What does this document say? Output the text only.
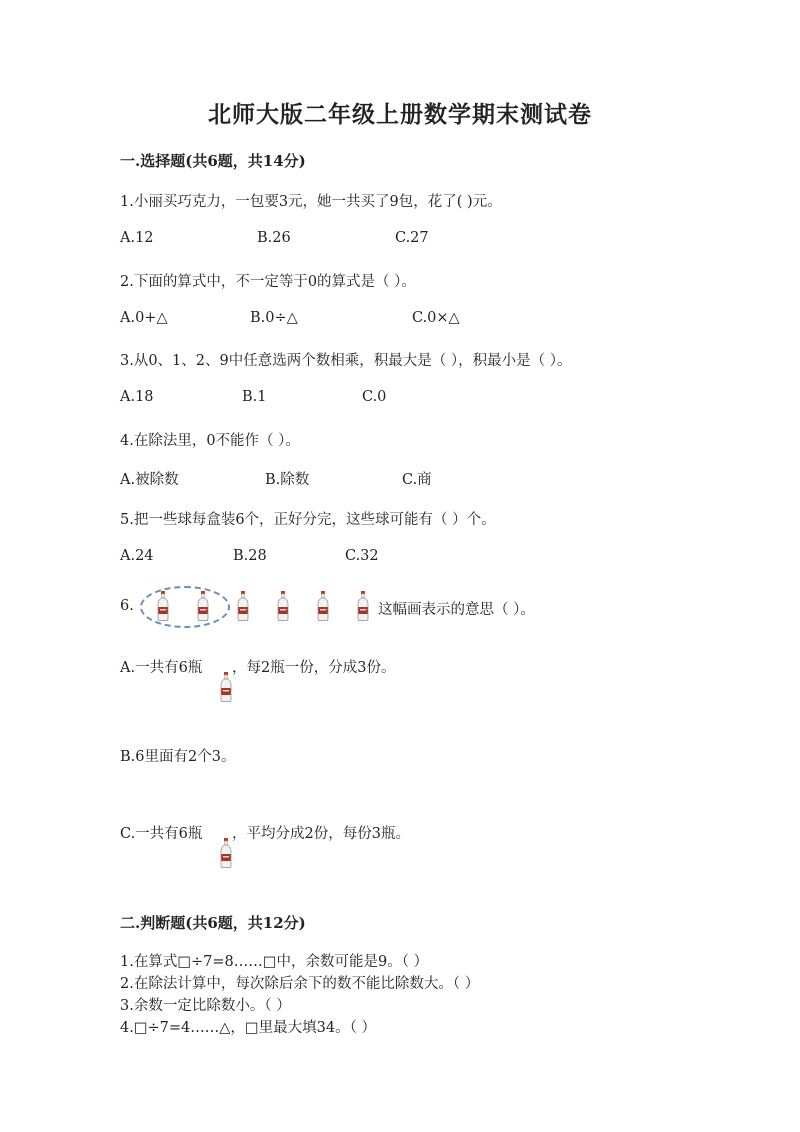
北师大版二年级上册数学期末测试卷
一.选择题(共6题，共14分)
1.小丽买巧克力，一包要3元，她一共买了9包，花了( )元。
A.12	B.26	C.27
2.下面的算式中，不一定等于0的算式是（ ）。
A.0+△	B.0÷△	C.0×△
3.从0、1、2、9中任意选两个数相乘，积最大是（ ），积最小是（ ）。
A.18	B.1	C.0
4.在除法里，0不能作（ ）。
A.被除数	B.除数	C.商
5.把一些球每盒装6个，正好分完，这些球可能有（ ）个。
A.24	B.28	C.32
6.	这幅画表示的意思（ ）。
A.一共有6瓶 ，每2瓶一份，分成3份。
B.6里面有2个3。
C.一共有6瓶 ，平均分成2份，每份3瓶。
二.判断题(共6题，共12分)
1.在算式□÷7=8……□中，余数可能是9。（ ）
2.在除法计算中，每次除后余下的数不能比除数大。（ ）
3.余数一定比除数小。（ ）
4.□÷7=4……△，□里最大填34。（ ）
